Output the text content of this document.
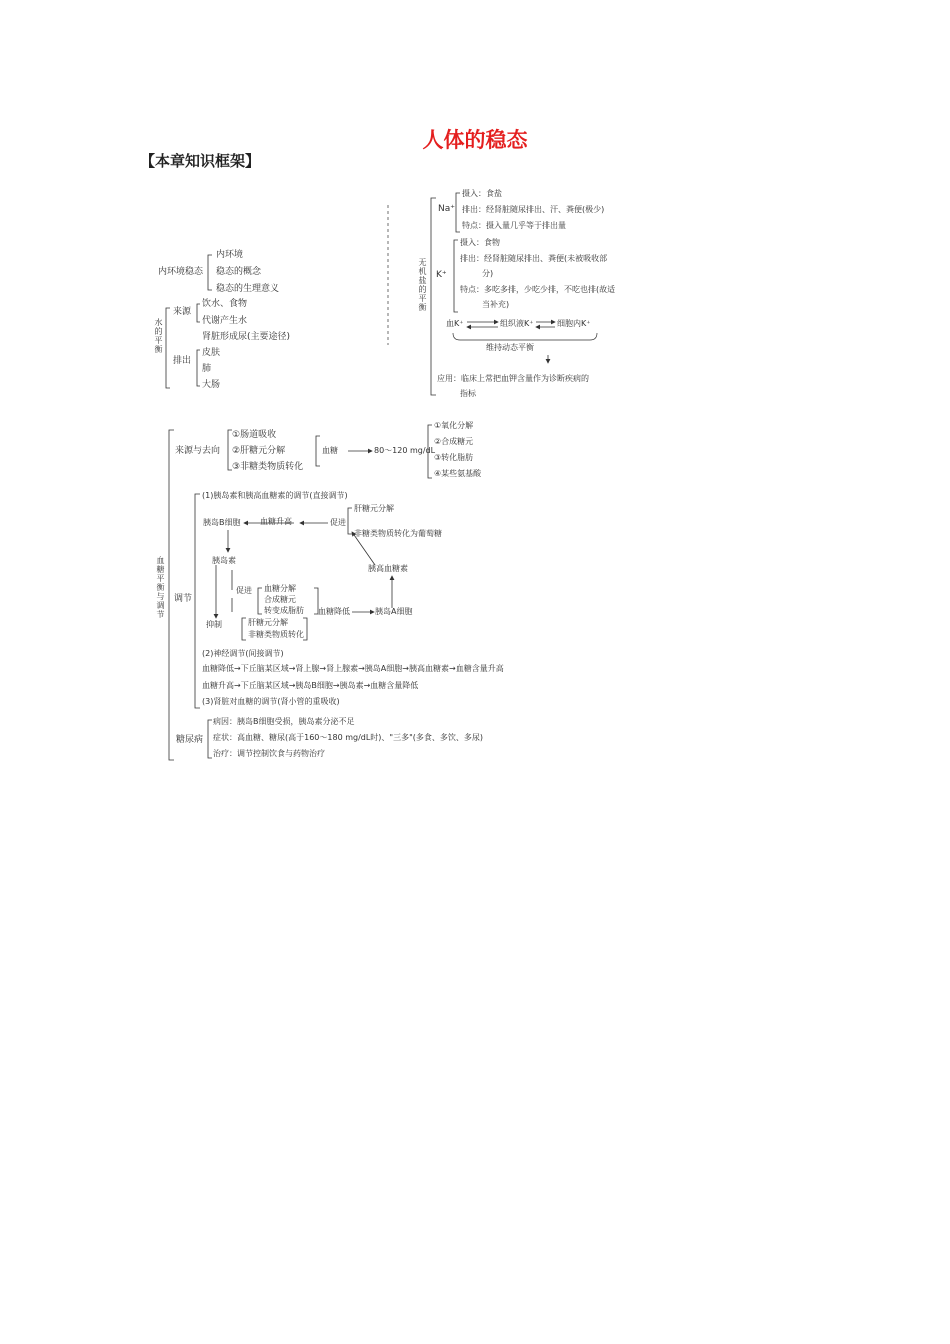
人体的稳态
【本章知识框架】
内环境
内环境稳态 稳态的概念
稳态的生理意义
水的平衡
来源
饮水、食物
代谢产生水
肾脏形成尿(主要途径)
排出
皮肤
肺
大肠
无机盐的平衡
Na⁺
摄入：食盐
排出：经肾脏随尿排出、汗、粪便(极少)
特点：摄入量几乎等于排出量
K⁺
摄入：食物
排出：经肾脏随尿排出、粪便(未被吸收部
分)
特点：多吃多排，少吃少排，不吃也排(故适
当补充)
血K⁺	组织液K⁺	细胞内K⁺
维持动态平衡
应用：临床上常把血钾含量作为诊断疾病的
指标
血糖平衡与调节
来源与去向
①肠道吸收
②肝糖元分解
③非糖类物质转化
血糖	80～120 mg/dL
①氧化分解
②合成糖元
③转化脂肪
④某些氨基酸
调节
(1)胰岛素和胰高血糖素的调节(直接调节)
胰岛B细胞 血糖升高	促进
肝糖元分解
非糖类物质转化为葡萄糖
胰岛素
促进 血糖分解
合成糖元
转变成脂肪
抑制	肝糖元分解
非糖类物质转化
血糖降低	胰岛A细胞
胰高血糖素
(2)神经调节(间接调节)
血糖降低→下丘脑某区域→肾上腺→肾上腺素→胰岛A细胞→胰高血糖素→血糖含量升高
血糖升高→下丘脑某区域→胰岛B细胞→胰岛素→血糖含量降低
(3)肾脏对血糖的调节(肾小管的重吸收)
糖尿病
病因：胰岛B细胞受损，胰岛素分泌不足
症状：高血糖、糖尿(高于160～180 mg/dL时)、"三多"(多食、多饮、多尿)
治疗：调节控制饮食与药物治疗
